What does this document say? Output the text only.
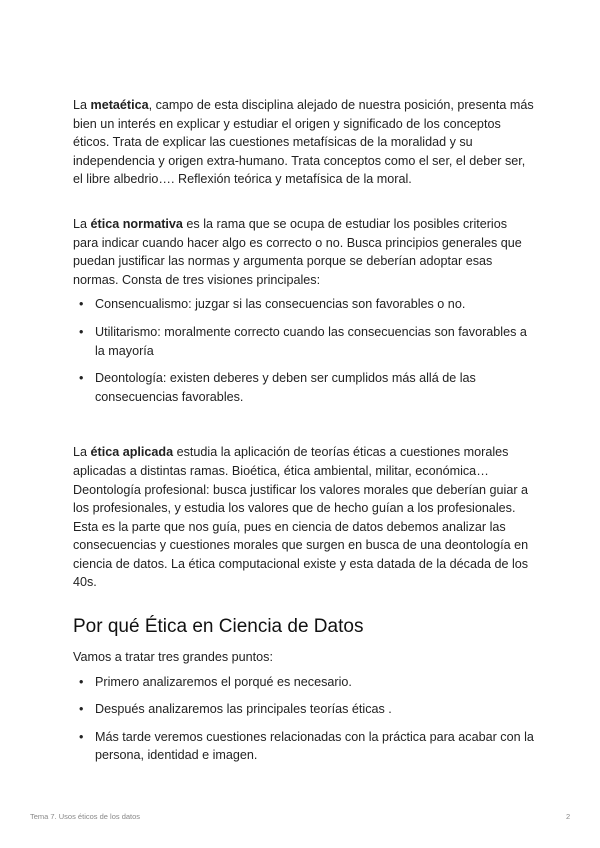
La metaética, campo de esta disciplina alejado de nuestra posición, presenta más bien un interés en explicar y estudiar el origen y significado de los conceptos éticos. Trata de explicar las cuestiones metafísicas de la moralidad y su independencia y origen extra-humano. Trata conceptos como el ser, el deber ser, el libre albedrio…. Reflexión teórica y metafísica de la moral.

La ética normativa es la rama que se ocupa de estudiar los posibles criterios para indicar cuando hacer algo es correcto o no. Busca principios generales que puedan justificar las normas y argumenta porque se deberían adoptar esas normas. Consta de tres visiones principales:

• Consencualismo: juzgar si las consecuencias son favorables o no.
• Utilitarismo: moralmente correcto cuando las consecuencias son favorables a la mayoría
• Deontología: existen deberes y deben ser cumplidos más allá de las consecuencias favorables.

La ética aplicada estudia la aplicación de teorías éticas a cuestiones morales aplicadas a distintas ramas. Bioética, ética ambiental, militar, económica… Deontología profesional: busca justificar los valores morales que deberían guiar a los profesionales, y estudia los valores que de hecho guían a los profesionales. Esta es la parte que nos guía, pues en ciencia de datos debemos analizar las consecuencias y cuestiones morales que surgen en busca de una deontología en ciencia de datos. La ética computacional existe y esta datada de la década de los 40s.

Por qué Ética en Ciencia de Datos

Vamos a tratar tres grandes puntos:

• Primero analizaremos el porqué es necesario.
• Después analizaremos las principales teorías éticas .
• Más tarde veremos cuestiones relacionadas con la práctica para acabar con la persona, identidad e imagen.
Tema 7. Usos éticos de los datos	2
